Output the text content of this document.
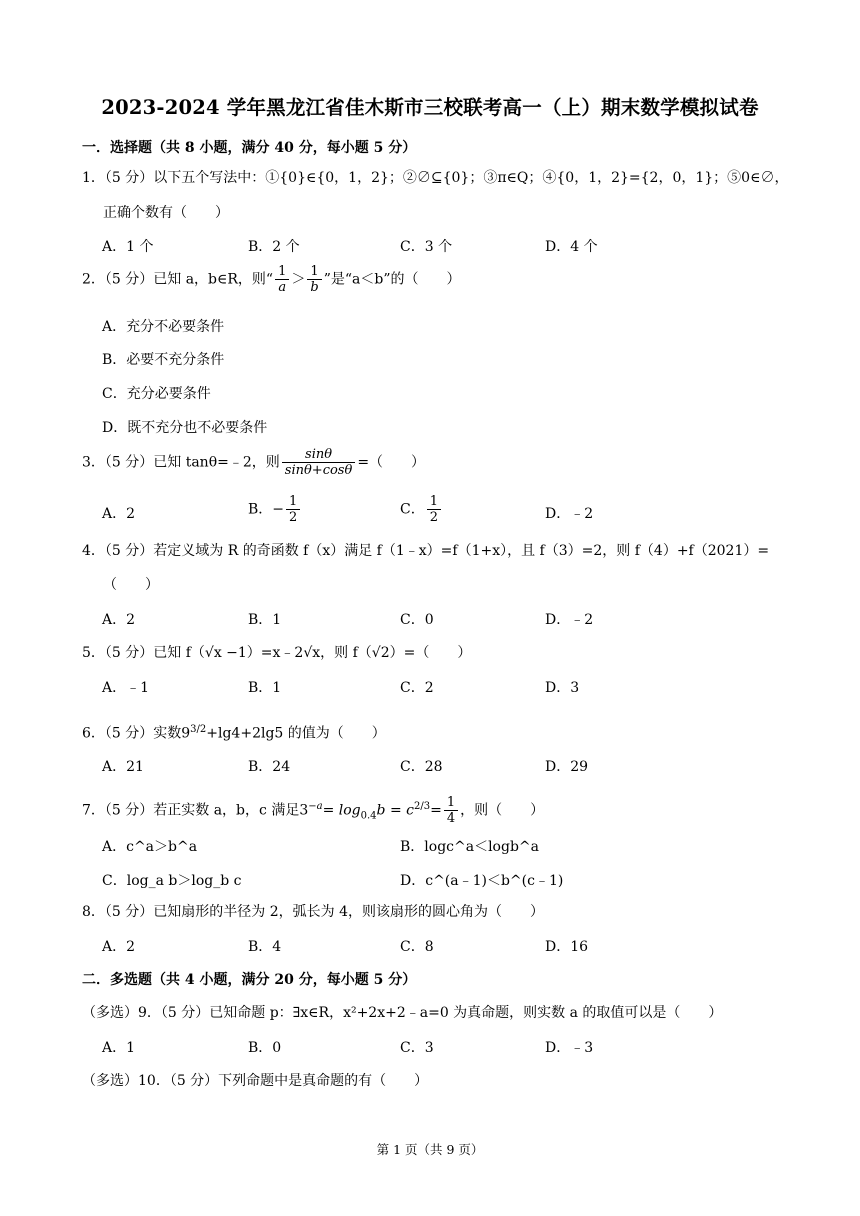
2023-2024 学年黑龙江省佳木斯市三校联考高一（上）期末数学模拟试卷
一．选择题（共 8 小题，满分 40 分，每小题 5 分）
1．（5 分）以下五个写法中：①{0}∈{0，1，2}；②∅⊆{0}；③π∈Q；④{0，1，2}={2，0，1}；⑤0∈∅，
正确个数有（　　）
A．1 个	B．2 个	C．3 个	D．4 个
2．（5 分）已知 a，b∈R，则“ $\frac{1}{a} > \frac{1}{b}$ ”是“a＜b”的（　　）
A．充分不必要条件
B．必要不充分条件
C．充分必要条件
D．既不充分也不必要条件
3．（5 分）已知 tanθ=﹣2，则 $\frac{\sin\theta}{\sin\theta+\cos\theta}$ =（　　）
A．2	B．− $\frac{1}{2}$	C． $\frac{1}{2}$	D．﹣2
4．（5 分）若定义域为 R 的奇函数 f（x）满足 f（1﹣x）=f（1+x），且 f（3）=2，则 f（4）+f（2021）=
（　　）
A．2	B．1	C．0	D．﹣2
5．（5 分）已知 f（√x −1）=x﹣2√x，则 f（√2）=（　　）
A．﹣1	B．1	C．2	D．3
6．（5 分）实数$9^{3/2}+\lg 4+2\lg 5$ 的值为（　　）
A．21	B．24	C．28	D．29
7．（5 分）若正实数 a，b，c 满足$3^{-a}= \log_{0.4}b = c^{2/3}= \frac{1}{4}$ ，则（　　）
A．c^a＞b^a	B．logc^a＜logb^a
C．log_a b＞log_b c	D．c^(a﹣1)＜b^(c﹣1)
8．（5 分）已知扇形的半径为 2，弧长为 4，则该扇形的圆心角为（　　）
A．2	B．4	C．8	D．16
二．多选题（共 4 小题，满分 20 分，每小题 5 分）
（多选）9．（5 分）已知命题 p：∃x∈R，x²+2x+2﹣a=0 为真命题，则实数 a 的取值可以是（　　）
A．1	B．0	C．3	D．﹣3
（多选）10．（5 分）下列命题中是真命题的有（　　）
第 1 页（共 9 页）
